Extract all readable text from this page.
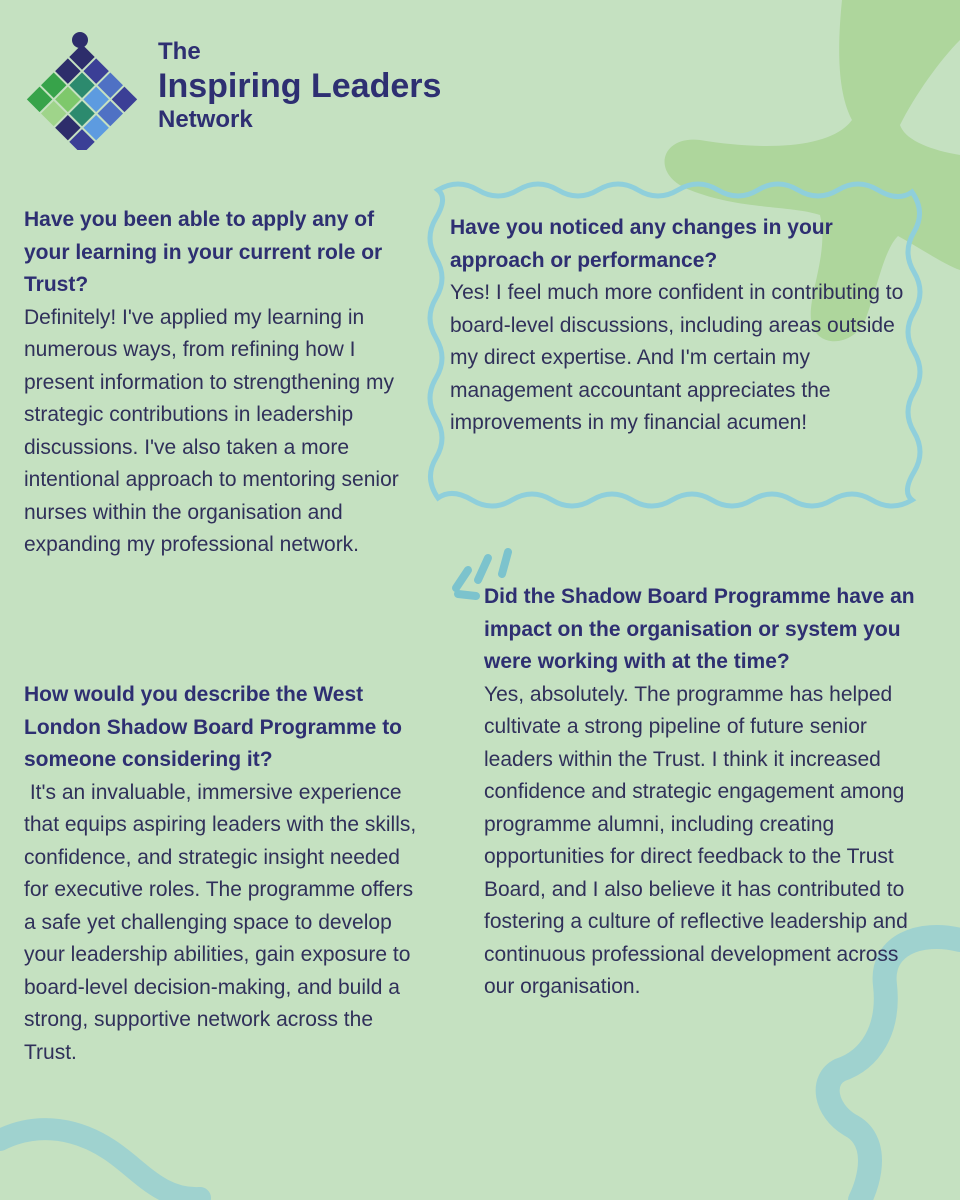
The
Inspiring Leaders
Network

Have you been able to apply any of your learning in your current role or Trust?

Definitely! I've applied my learning in numerous ways, from refining how I present information to strengthening my strategic contributions in leadership discussions. I've also taken a more intentional approach to mentoring senior nurses within the organisation and expanding my professional network.

Have you noticed any changes in your approach or performance?

Yes! I feel much more confident in contributing to board-level discussions, including areas outside my direct expertise. And I'm certain my management accountant appreciates the improvements in my financial acumen!

How would you describe the West London Shadow Board Programme to someone considering it?

It's an invaluable, immersive experience that equips aspiring leaders with the skills, confidence, and strategic insight needed for executive roles. The programme offers a safe yet challenging space to develop your leadership abilities, gain exposure to board-level decision-making, and build a strong, supportive network across the Trust.

Did the Shadow Board Programme have an impact on the organisation or system you were working with at the time?

Yes, absolutely. The programme has helped cultivate a strong pipeline of future senior leaders within the Trust. I think it increased confidence and strategic engagement among programme alumni, including creating opportunities for direct feedback to the Trust Board, and I also believe it has contributed to fostering a culture of reflective leadership and continuous professional development across our organisation.
